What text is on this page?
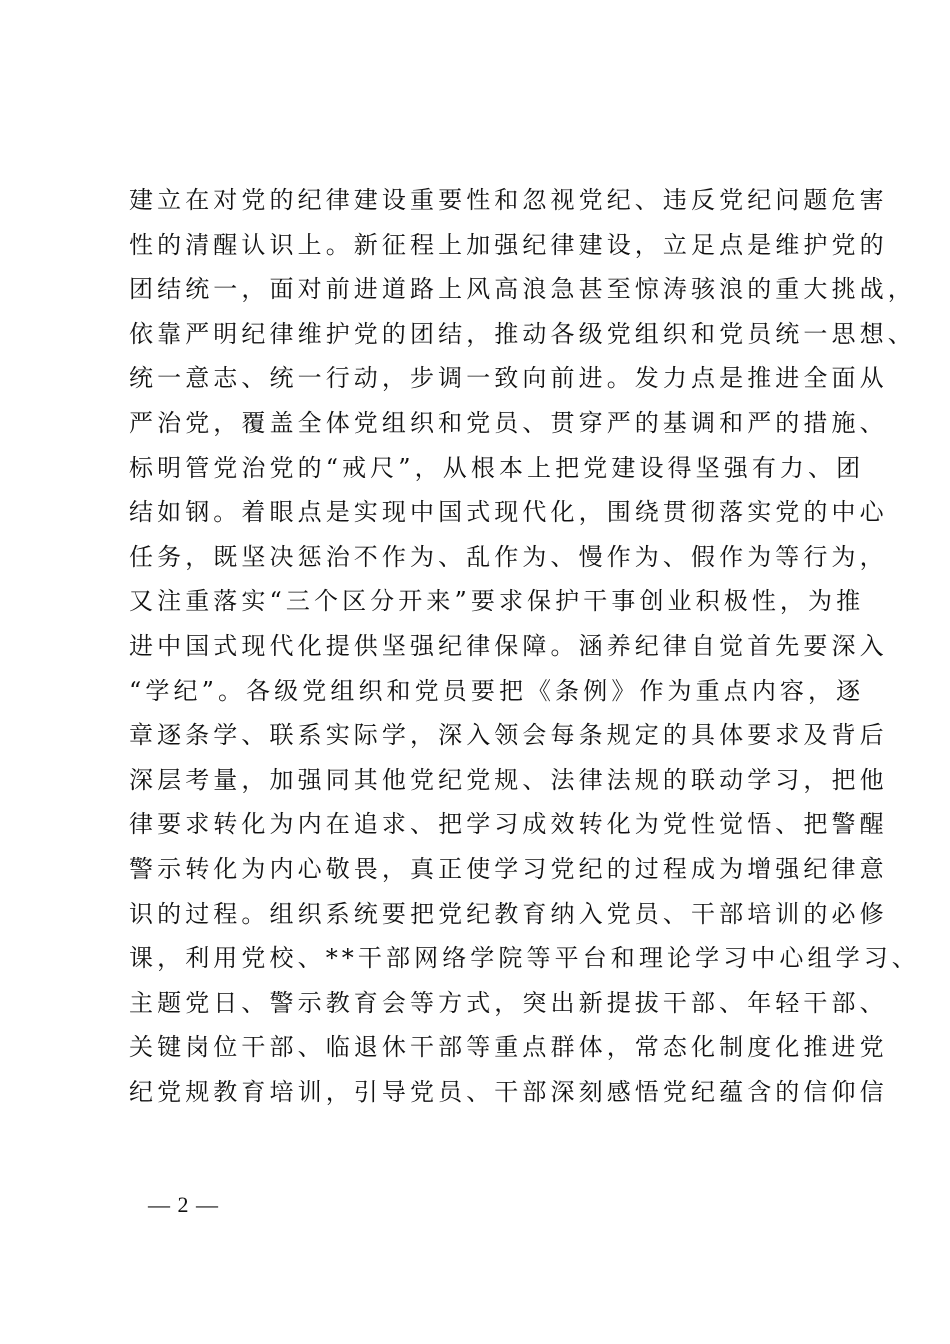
建立在对党的纪律建设重要性和忽视党纪、违反党纪问题危害
性的清醒认识上。新征程上加强纪律建设，立足点是维护党的
团结统一，面对前进道路上风高浪急甚至惊涛骇浪的重大挑战，
依靠严明纪律维护党的团结，推动各级党组织和党员统一思想、
统一意志、统一行动，步调一致向前进。发力点是推进全面从
严治党，覆盖全体党组织和党员、贯穿严的基调和严的措施、
标明管党治党的“戒尺”，从根本上把党建设得坚强有力、团
结如钢。着眼点是实现中国式现代化，围绕贯彻落实党的中心
任务，既坚决惩治不作为、乱作为、慢作为、假作为等行为，
又注重落实“三个区分开来”要求保护干事创业积极性，为推
进中国式现代化提供坚强纪律保障。涵养纪律自觉首先要深入
“学纪”。各级党组织和党员要把《条例》作为重点内容，逐
章逐条学、联系实际学，深入领会每条规定的具体要求及背后
深层考量，加强同其他党纪党规、法律法规的联动学习，把他
律要求转化为内在追求、把学习成效转化为党性觉悟、把警醒
警示转化为内心敬畏，真正使学习党纪的过程成为增强纪律意
识的过程。组织系统要把党纪教育纳入党员、干部培训的必修
课，利用党校、**干部网络学院等平台和理论学习中心组学习、
主题党日、警示教育会等方式，突出新提拔干部、年轻干部、
关键岗位干部、临退休干部等重点群体，常态化制度化推进党
纪党规教育培训，引导党员、干部深刻感悟党纪蕴含的信仰信
— 2 —
